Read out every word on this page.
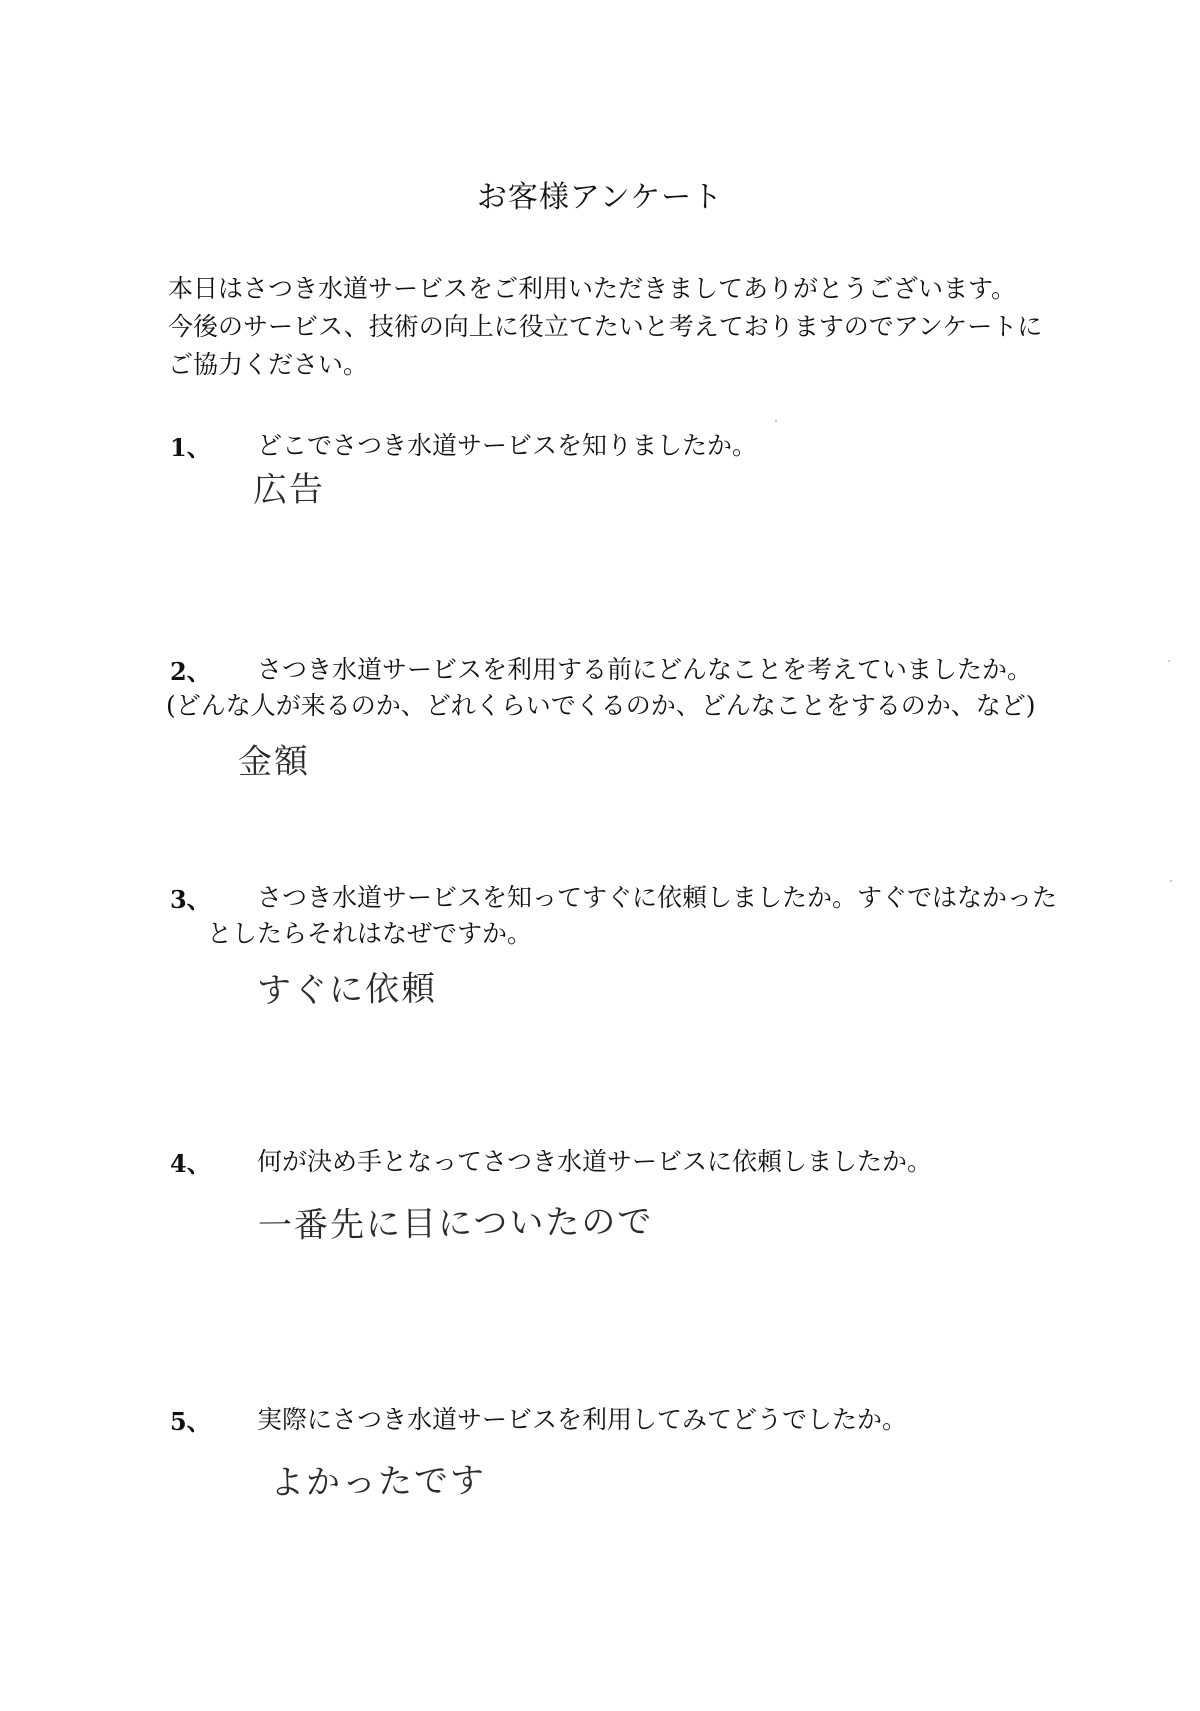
お客様アンケート
本日はさつき水道サービスをご利用いただきましてありがとうございます。
今後のサービス、技術の向上に役立てたいと考えておりますのでアンケートに
ご協力ください。
1、 どこでさつき水道サービスを知りましたか。
広告
2、 さつき水道サービスを利用する前にどんなことを考えていましたか。
(どんな人が来るのか、どれくらいでくるのか、どんなことをするのか、など)
金額
3、 さつき水道サービスを知ってすぐに依頼しましたか。すぐではなかった
としたらそれはなぜですか。
すぐに依頼
4、 何が決め手となってさつき水道サービスに依頼しましたか。
一番先に目についたので
5、 実際にさつき水道サービスを利用してみてどうでしたか。
よかったです
